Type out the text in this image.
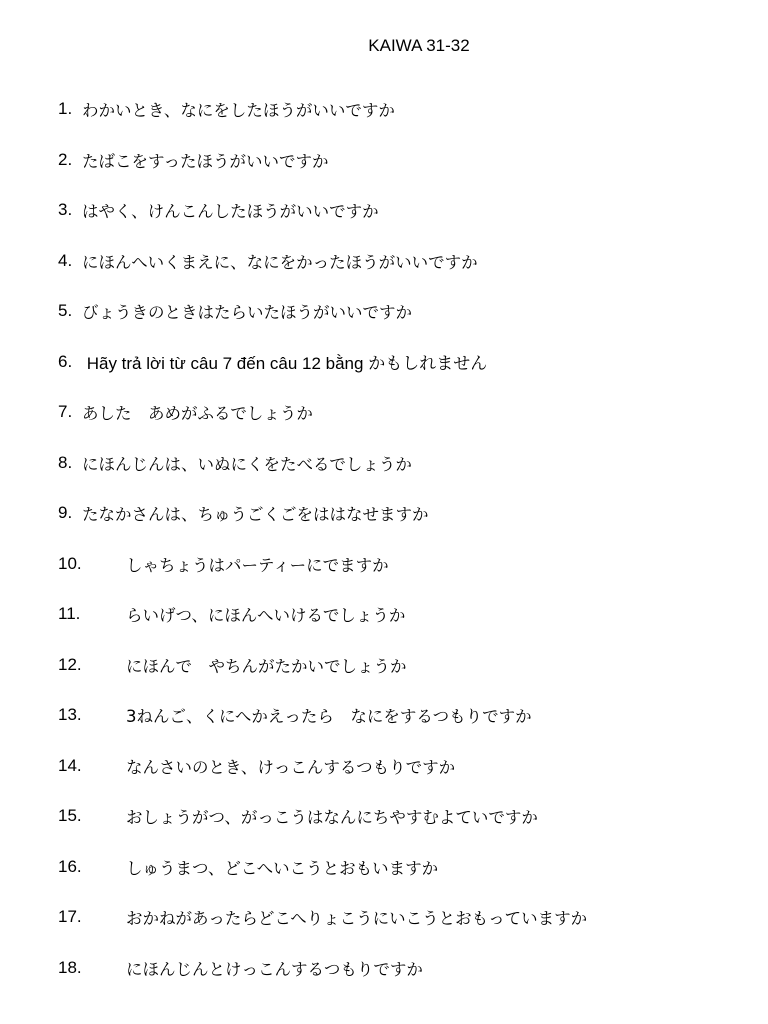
KAIWA 31-32
1. わかいとき、なにをしたほうがいいですか
2. たばこをすったほうがいいですか
3. はやく、けんこんしたほうがいいですか
4. にほんへいくまえに、なにをかったほうがいいですか
5. びょうきのときはたらいたほうがいいですか
6. Hãy trả lời từ câu 7 đến câu 12 bằng かもしれません
7. あした　あめがふるでしょうか
8. にほんじんは、いぬにくをたべるでしょうか
9. たなかさんは、ちゅうごくごをははなせますか
10.	しゃちょうはパーティーにでますか
11.	らいげつ、にほんへいけるでしょうか
12.	にほんで　やちんがたかいでしょうか
13.	3ねんご、くにへかえったら　なにをするつもりですか
14.	なんさいのとき、けっこんするつもりですか
15.	おしょうがつ、がっこうはなんにちやすむよていですか
16.	しゅうまつ、どこへいこうとおもいますか
17.	おかねがあったらどこへりょこうにいこうとおもっていますか
18.	にほんじんとけっこんするつもりですか
